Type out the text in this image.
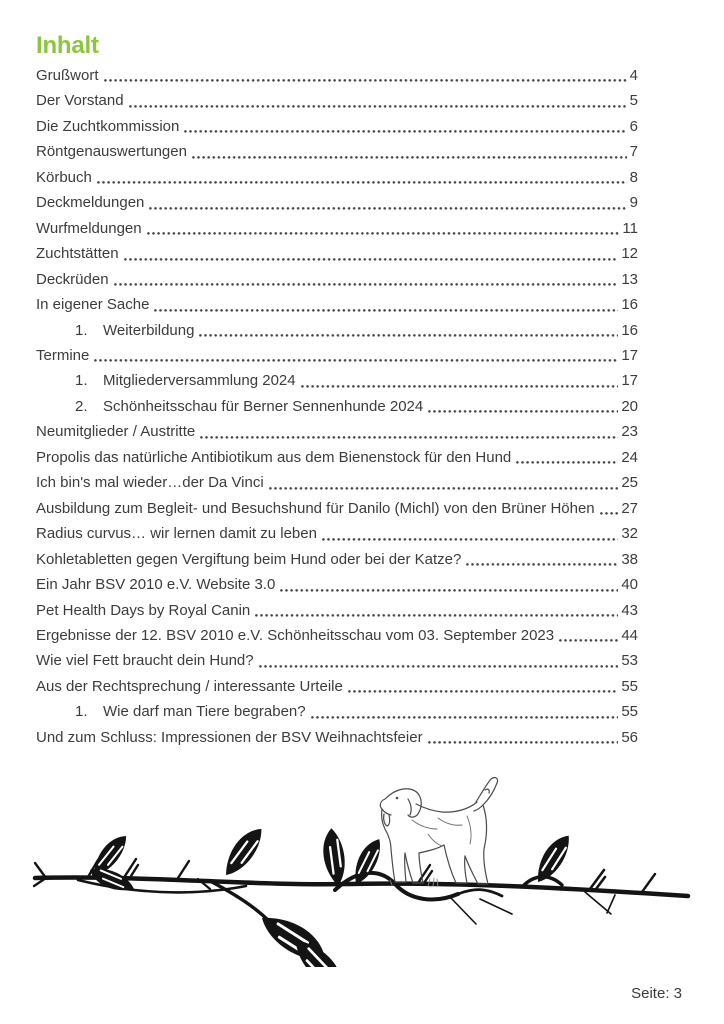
Inhalt
Grußwort	4
Der Vorstand	5
Die Zuchtkommission	6
Röntgenauswertungen	7
Körbuch	8
Deckmeldungen	9
Wurfmeldungen	11
Zuchtstätten	12
Deckrüden	13
In eigener Sache	16
1.	Weiterbildung	16
Termine	17
1.	Mitgliederversammlung 2024	17
2.	Schönheitsschau für Berner Sennenhunde 2024	20
Neumitglieder / Austritte	23
Propolis das natürliche Antibiotikum aus dem Bienenstock für den Hund	24
Ich bin's mal wieder…der Da Vinci	25
Ausbildung zum Begleit- und Besuchshund für Danilo (Michl) von den Brüner Höhen 27
Radius curvus… wir lernen damit zu leben	32
Kohletabletten gegen Vergiftung beim Hund oder bei der Katze?	38
Ein Jahr BSV 2010 e.V. Website 3.0	40
Pet Health Days by Royal Canin	43
Ergebnisse der 12. BSV 2010 e.V. Schönheitsschau vom 03. September 2023	44
Wie viel Fett braucht dein Hund?	53
Aus der Rechtsprechung / interessante Urteile	55
1.	Wie darf man Tiere begraben?	55
Und zum Schluss: Impressionen der BSV Weihnachtsfeier	56
Seite: 3
